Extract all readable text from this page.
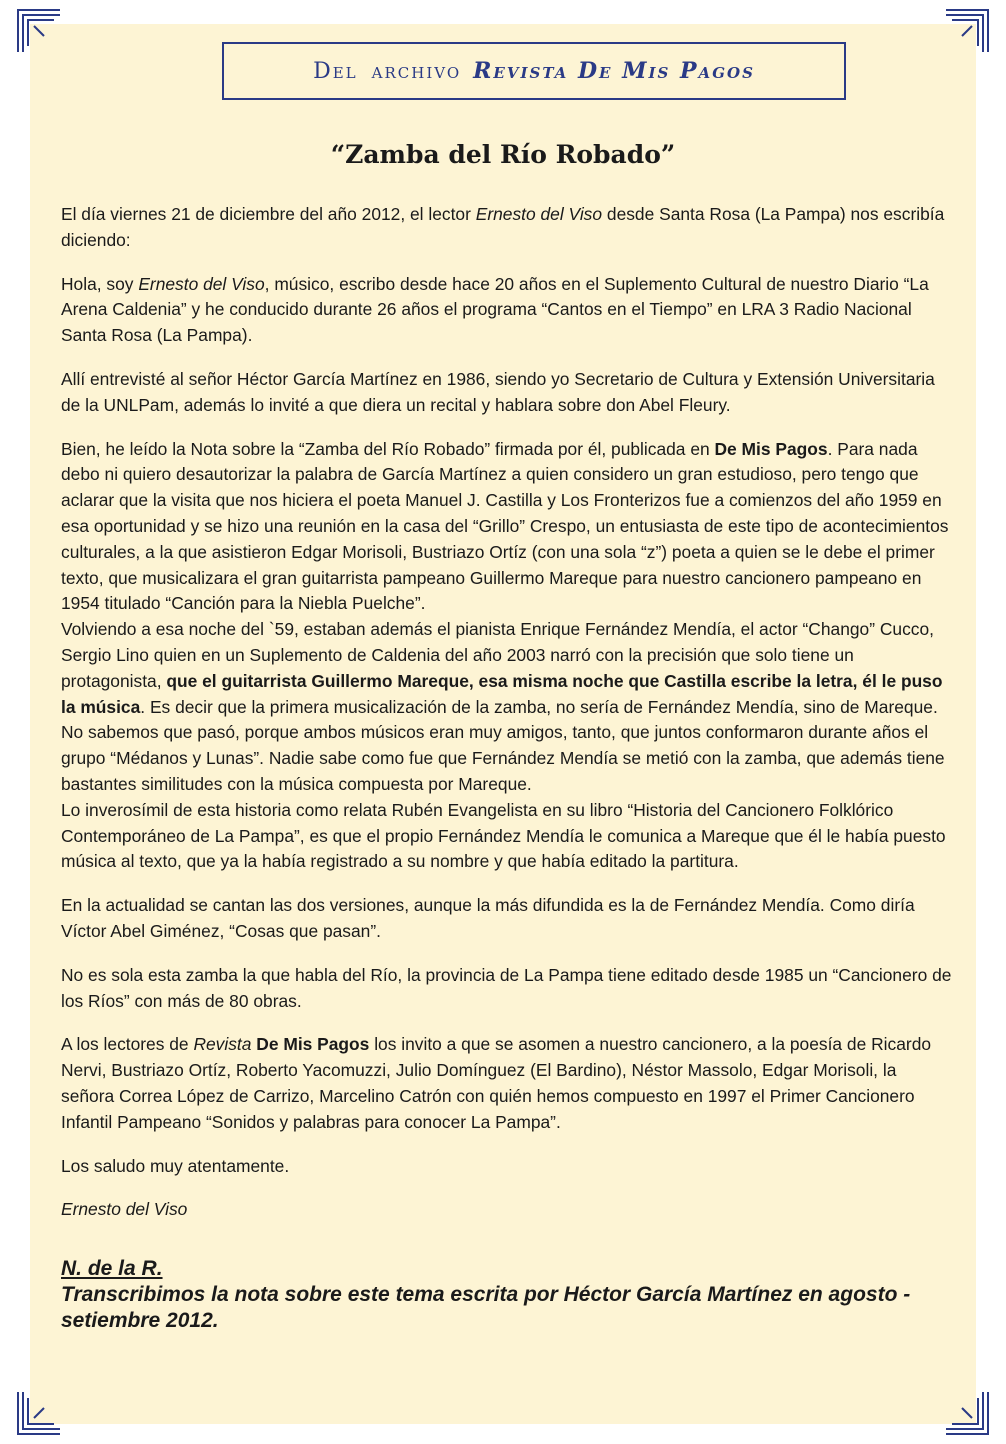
Del archivo Revista De Mis Pagos
“Zamba del Río Robado”

El día viernes 21 de diciembre del año 2012, el lector Ernesto del Viso desde Santa Rosa (La Pampa) nos escribía diciendo:

Hola, soy Ernesto del Viso, músico, escribo desde hace 20 años en el Suplemento Cultural de nuestro Diario “La Arena Caldenia” y he conducido durante 26 años el programa “Cantos en el Tiempo” en LRA 3 Radio Nacional Santa Rosa (La Pampa).

Allí entrevisté al señor Héctor García Martínez en 1986, siendo yo Secretario de Cultura y Extensión Universitaria de la UNLPam, además lo invité a que diera un recital y hablara sobre don Abel Fleury.

Bien, he leído la Nota sobre la “Zamba del Río Robado” firmada por él, publicada en De Mis Pagos. Para nada debo ni quiero desautorizar la palabra de García Martínez a quien considero un gran estudioso, pero tengo que aclarar que la visita que nos hiciera el poeta Manuel J. Castilla y Los Fronterizos fue a comienzos del año 1959 en esa oportunidad y se hizo una reunión en la casa del “Grillo” Crespo, un entusiasta de este tipo de acontecimientos culturales, a la que asistieron Edgar Morisoli, Bustriazo Ortíz (con una sola “z”) poeta a quien se le debe el primer texto, que musicalizara el gran guitarrista pampeano Guillermo Mareque para nuestro cancionero pampeano en 1954 titulado “Canción para la Niebla Puelche”.

Volviendo a esa noche del `59, estaban además el pianista Enrique Fernández Mendía, el actor “Chango” Cucco, Sergio Lino quien en un Suplemento de Caldenia del año 2003 narró con la precisión que solo tiene un protagonista, que el guitarrista Guillermo Mareque, esa misma noche que Castilla escribe la letra, él le puso la música. Es decir que la primera musicalización de la zamba, no sería de Fernández Mendía, sino de Mareque. No sabemos que pasó, porque ambos músicos eran muy amigos, tanto, que juntos conformaron durante años el grupo “Médanos y Lunas”. Nadie sabe como fue que Fernández Mendía se metió con la zamba, que además tiene bastantes similitudes con la música compuesta por Mareque.

Lo inverosímil de esta historia como relata Rubén Evangelista en su libro “Historia del Cancionero Folklórico Contemporáneo de La Pampa”, es que el propio Fernández Mendía le comunica a Mareque que él le había puesto música al texto, que ya la había registrado a su nombre y que había editado la partitura.

En la actualidad se cantan las dos versiones, aunque la más difundida es la de Fernández Mendía. Como diría Víctor Abel Giménez, “Cosas que pasan”.

No es sola esta zamba la que habla del Río, la provincia de La Pampa tiene editado desde 1985 un “Cancionero de los Ríos” con más de 80 obras.

A los lectores de Revista De Mis Pagos los invito a que se asomen a nuestro cancionero, a la poesía de Ricardo Nervi, Bustriazo Ortíz, Roberto Yacomuzzi, Julio Domínguez (El Bardino), Néstor Massolo, Edgar Morisoli, la señora Correa López de Carrizo, Marcelino Catrón con quién hemos compuesto en 1997 el Primer Cancionero Infantil Pampeano “Sonidos y palabras para conocer La Pampa”.

Los saludo muy atentamente.

Ernesto del Viso

N. de la R.
Transcribimos la nota sobre este tema escrita por Héctor García Martínez en agosto - setiembre 2012.
